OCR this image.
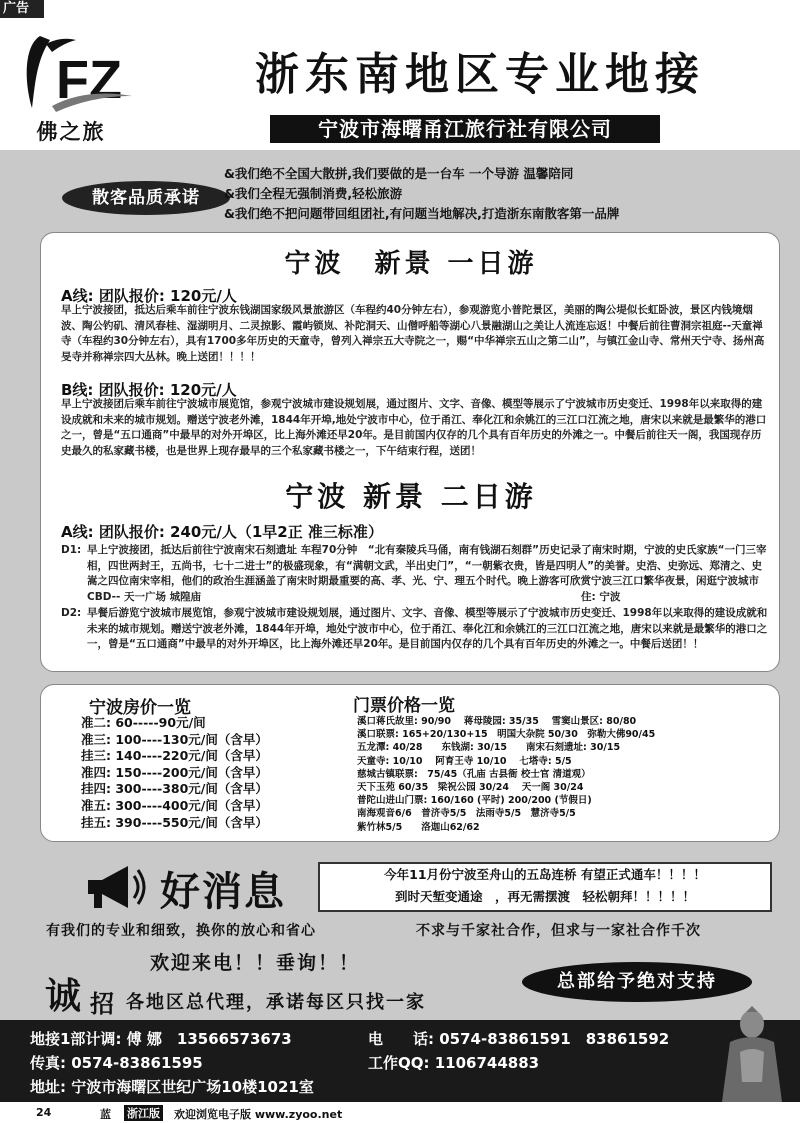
广告
FZ
佛之旅
浙东南地区专业地接
宁波市海曙甬江旅行社有限公司
散客品质承诺
&我们绝不全国大散拼,我们要做的是一台车 一个导游 温馨陪同
&我们全程无强制消费,轻松旅游
&我们绝不把问题带回组团社,有问题当地解决,打造浙东南散客第一品牌
宁波　新景 一日游
A线: 团队报价: 120元/人
早上宁波接团，抵达后乘车前往宁波东钱湖国家级风景旅游区（车程约40分钟左右），参观游览小普陀景区，美丽的陶公堤似长虹卧波，景区内钱境烟波、陶公钓矶、清风春桂、湿湖明月、二灵掠影、霞屿锁岚、补陀洞天、山僧呼船等湖心八景融湖山之美让人流连忘返！中餐后前往曹洞宗祖庭--天童禅寺（车程约30分钟左右），具有1700多年历史的天童寺，曾列入禅宗五大寺院之一，赐“中华禅宗五山之第二山”，与镇江金山寺、常州天宁寺、扬州高旻寺并称禅宗四大丛林。晚上送团！！！！
B线: 团队报价: 120元/人
早上宁波接团后乘车前往宁波城市展览馆，参观宁波城市建设规划展，通过图片、文字、音像、模型等展示了宁波城市历史变迁、1998年以来取得的建设成就和未来的城市规划。赠送宁波老外滩，1844年开埠,地处宁波市中心，位于甬江、奉化江和余姚江的三江口江流之地，唐宋以来就是最繁华的港口之一，曾是“五口通商”中最早的对外开埠区，比上海外滩还早20年。是目前国内仅存的几个具有百年历史的外滩之一。中餐后前往天一阁，我国现存历史最久的私家藏书楼，也是世界上现存最早的三个私家藏书楼之一，下午结束行程，送团！
宁波 新景 二日游
A线: 团队报价: 240元/人（1早2正 准三标准）
D1: 早上宁波接团，抵达后前往宁波南宋石刻遗址 车程70分钟　“北有秦陵兵马俑，南有钱湖石刻群”历史记录了南宋时期，宁波的史氏家族“一门三宰相，四世两封王，五尚书，七十二进士”的极盛现象，有“满朝文武，半出史门”，“一朝紫衣贵，皆是四明人”的美誉。史浩、史弥远、郑清之、史嵩之四位南宋宰相，他们的政治生涯涵盖了南宋时期最重要的高、孝、光、宁、理五个时代。晚上游客可欣赏宁波三江口繁华夜景，闲逛宁波城市CBD-- 天一广场 城隍庙	住: 宁波
D2: 早餐后游览宁波城市展览馆，参观宁波城市建设规划展，通过图片、文字、音像、模型等展示了宁波城市历史变迁、1998年以来取得的建设成就和未来的城市规划。赠送宁波老外滩，1844年开埠，地处宁波市中心，位于甬江、奉化江和余姚江的三江口江流之地，唐宋以来就是最繁华的港口之一，曾是“五口通商”中最早的对外开埠区，比上海外滩还早20年。是目前国内仅存的几个具有百年历史的外滩之一。中餐后送团！！
宁波房价一览
准二: 60-----90元/间
准三: 100----130元/间（含早）
挂三: 140----220元/间（含早）
准四: 150----200元/间（含早）
挂四: 300----380元/间（含早）
准五: 300----400元/间（含早）
挂五: 390----550元/间（含早）
门票价格一览
溪口蒋氏故里: 90/90　 蒋母陵园: 35/35　 雪窦山景区: 80/80
溪口联票: 165+20/130+15　明国大杂院 50/30　弥勒大佛90/45
五龙潭: 40/28　　东钱湖: 30/15　　南宋石刻遗址: 30/15
天童寺: 10/10　 阿育王寺 10/10　 七塔寺: 5/5
慈城古镇联票:　75/45（孔庙 古县衙 校士官 清道观）
天下玉苑 60/35　梁祝公园 30/24　 天一阁 30/24
普陀山进山门票: 160/160 (平时) 200/200 (节假日)
南海观音6/6　普济寺5/5　法雨寺5/5　慧济寺5/5
紫竹林5/5　　洛迦山62/62
好消息	今年11月份宁波至舟山的五岛连桥 有望正式通车！！！！
到时天堑变通途　，再无需摆渡　轻松朝拜！！！！！
有我们的专业和细致，换你的放心和省心	不求与千家社合作，但求与一家社合作千次
欢迎来电！！垂询！！
诚 招 各地区总代理，承诺每区只找一家
总部给予绝对支持
地接1部计调: 傅 娜　13566573673	电　　话: 0574-83861591　83861592
传真: 0574-83861595	工作QQ: 1106744883
地址: 宁波市海曙区世纪广场10楼1021室
24	蓝 浙江版 欢迎浏览电子版 www.zyoo.net
